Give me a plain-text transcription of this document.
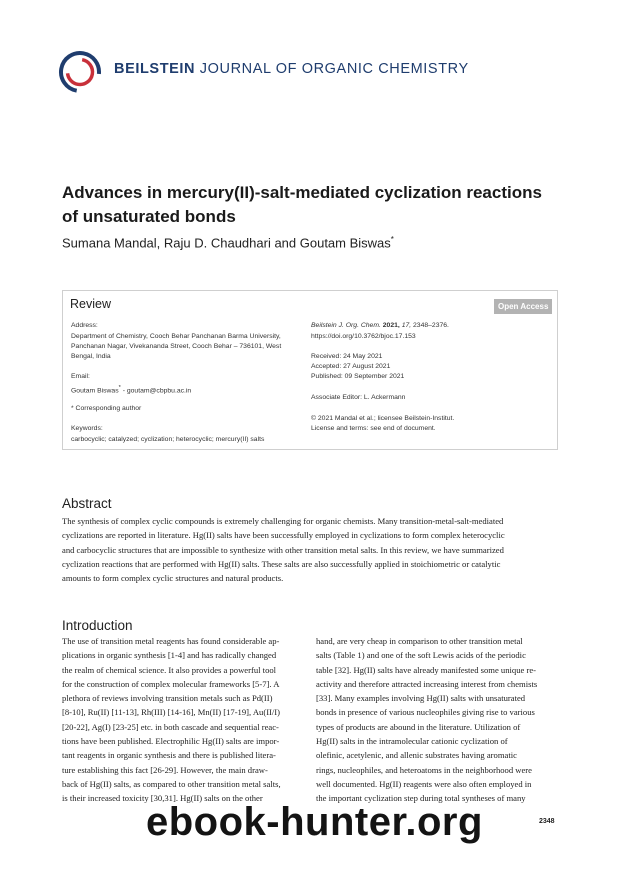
BEILSTEIN JOURNAL OF ORGANIC CHEMISTRY
Advances in mercury(II)-salt-mediated cyclization reactions of unsaturated bonds
Sumana Mandal, Raju D. Chaudhari and Goutam Biswas*
Review	Open Access
Address:
Department of Chemistry, Cooch Behar Panchanan Barma University,
Panchanan Nagar, Vivekananda Street, Cooch Behar – 736101, West
Bengal, India
Email:
Goutam Biswas* - goutam@cbpbu.ac.in
* Corresponding author
Keywords:
carbocyclic; catalyzed; cyclization; heterocyclic; mercury(II) salts
Beilstein J. Org. Chem. 2021, 17, 2348–2376.
https://doi.org/10.3762/bjoc.17.153
Received: 24 May 2021
Accepted: 27 August 2021
Published: 09 September 2021
Associate Editor: L. Ackermann
© 2021 Mandal et al.; licensee Beilstein-Institut.
License and terms: see end of document.
Abstract
The synthesis of complex cyclic compounds is extremely challenging for organic chemists. Many transition-metal-salt-mediated
cyclizations are reported in literature. Hg(II) salts have been successfully employed in cyclizations to form complex heterocyclic
and carbocyclic structures that are impossible to synthesize with other transition metal salts. In this review, we have summarized
cyclization reactions that are performed with Hg(II) salts. These salts are also successfully applied in stoichiometric or catalytic
amounts to form complex cyclic structures and natural products.
Introduction
The use of transition metal reagents has found considerable ap-
plications in organic synthesis [1-4] and has radically changed
the realm of chemical science. It also provides a powerful tool
for the construction of complex molecular frameworks [5-7]. A
plethora of reviews involving transition metals such as Pd(II)
[8-10], Ru(II) [11-13], Rh(III) [14-16], Mn(II) [17-19], Au(II/I)
[20-22], Ag(I) [23-25] etc. in both cascade and sequential reac-
tions have been published. Electrophilic Hg(II) salts are impor-
tant reagents in organic synthesis and there is published litera-
ture establishing this fact [26-29]. However, the main draw-
back of Hg(II) salts, as compared to other transition metal salts,
is their increased toxicity [30,31]. Hg(II) salts on the other
hand, are very cheap in comparison to other transition metal
salts (Table 1) and one of the soft Lewis acids of the periodic
table [32]. Hg(II) salts have already manifested some unique re-
activity and therefore attracted increasing interest from chemists
[33]. Many examples involving Hg(II) salts with unsaturated
bonds in presence of various nucleophiles giving rise to various
types of products are abound in the literature. Utilization of
Hg(II) salts in the intramolecular cationic cyclization of
olefinic, acetylenic, and allenic substrates having aromatic
rings, nucleophiles, and heteroatoms in the neighborhood were
well documented. Hg(II) reagents were also often employed in
the important cyclization step during total syntheses of many
2348
ebook-hunter.org
